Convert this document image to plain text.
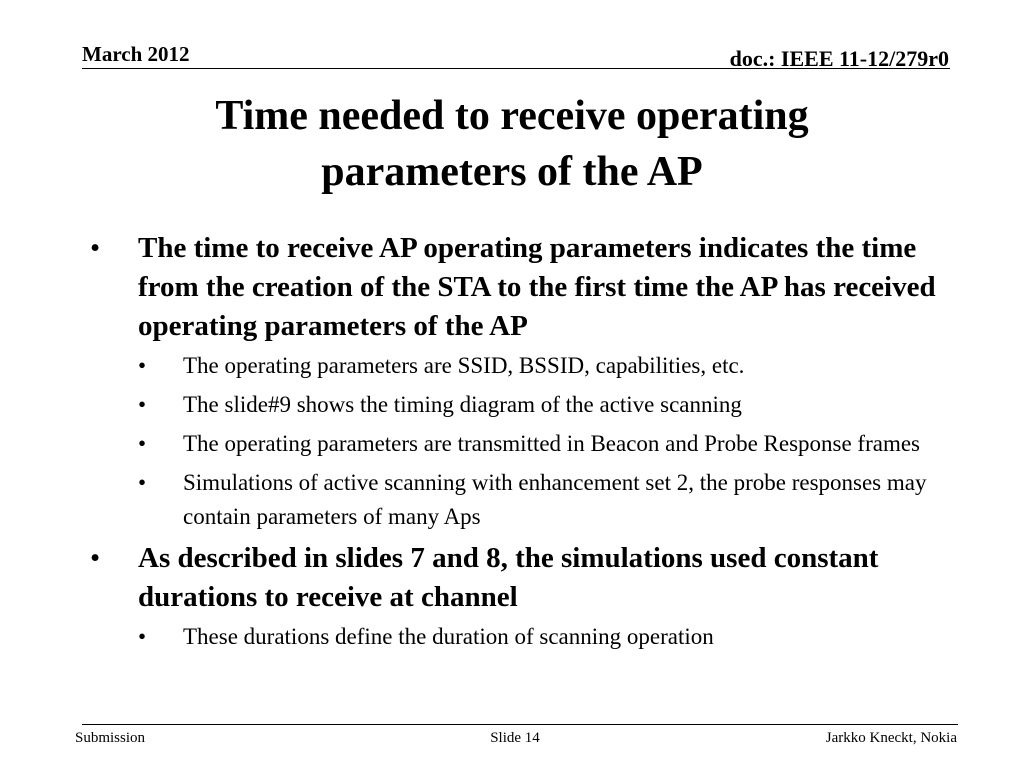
March 2012	doc.: IEEE 11-12/279r0
Time needed to receive operating
parameters of the AP
• The time to receive AP operating parameters indicates the time from the creation of the STA to the first time the AP has received operating parameters of the AP
• The operating parameters are SSID, BSSID, capabilities, etc.
• The slide#9 shows the timing diagram of the active scanning
• The operating parameters are transmitted in Beacon and Probe Response frames
• Simulations of active scanning with enhancement set 2, the probe responses may contain parameters of many Aps
• As described in slides 7 and 8, the simulations used constant durations to receive at channel
• These durations define the duration of scanning operation
Submission	Slide 14	Jarkko Kneckt, Nokia
